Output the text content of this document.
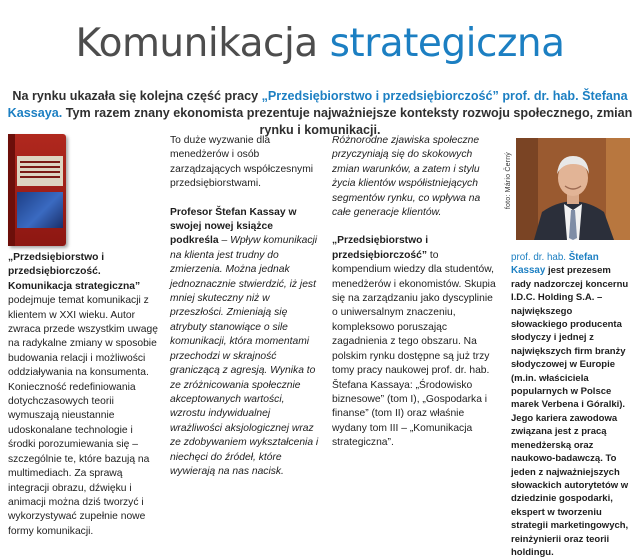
Komunikacja strategiczna
Na rynku ukazała się kolejna część pracy „Przedsiębiorstwo i przedsiębiorczość” prof. dr. hab. Štefana Kassaya. Tym razem znany ekonomista prezentuje najważniejsze konteksty rozwoju społecznego, zmian rynku i komunikacji.

„Przedsiębiorstwo i przedsiębiorczość. Komunikacja strategiczna” podejmuje temat komunikacji z klientem w XXI wieku. Autor zwraca przede wszystkim uwagę na radykalne zmiany w sposobie budowania relacji i możliwości oddziaływania na konsumenta. Konieczność redefiniowania dotychczasowych teorii wymuszają nieustannie udoskonalane technologie i środki porozumiewania się – szczególnie te, które bazują na multimediach. Za sprawą integracji obrazu, dźwięku i animacji można dziś tworzyć i wykorzystywać zupełnie nowe formy komunikacji.

To duże wyzwanie dla menedżerów i osób zarządzających współczesnymi przedsiębiorstwami.

Profesor Štefan Kassay w swojej nowej książce podkreśla – Wpływ komunikacji na klienta jest trudny do zmierzenia. Można jednak jednoznacznie stwierdzić, iż jest mniej skuteczny niż w przeszłości. Zmieniają się atrybuty stanowiące o sile komunikacji, która momentami przechodzi w skrajność graniczącą z agresją. Wynika to ze zróżnicowania społecznie akceptowanych wartości, wzrostu indywidualnej wrażliwości aksjologicznej wraz ze zdobywaniem wykształcenia i niechęci do źródeł, które wywierają na nas nacisk.

Różnorodne zjawiska społeczne przyczyniają się do skokowych zmian warunków, a zatem i stylu życia klientów współistniejących segmentów rynku, co wpływa na całe generacje klientów.

„Przedsiębiorstwo i przedsiębiorczość” to kompendium wiedzy dla studentów, menedżerów i ekonomistów. Skupia się na zarządzaniu jako dyscyplinie o uniwersalnym znaczeniu, kompleksowo poruszając zagadnienia z tego obszaru. Na polskim rynku dostępne są już trzy tomy pracy naukowej prof. dr. hab. Štefana Kassaya: „Środowisko biznesowe” (tom I), „Gospodarka i finanse” (tom II) oraz właśnie wydany tom III – „Komunikacja strategiczna”.

foto: Mário Černý

prof. dr. hab. Štefan Kassay jest prezesem rady nadzorczej koncernu I.D.C. Holding S.A. – największego słowackiego producenta słodyczy i jednej z największych firm branży słodyczowej w Europie (m.in. właściciela popularnych w Polsce marek Verbena i Góralki). Jego kariera zawodowa związana jest z pracą menedżerską oraz naukowo-badawczą. To jeden z najważniejszych słowackich autorytetów w dziedzinie gospodarki, ekspert w tworzeniu strategii marketingowych, reinżynierii oraz teorii holdingu.
